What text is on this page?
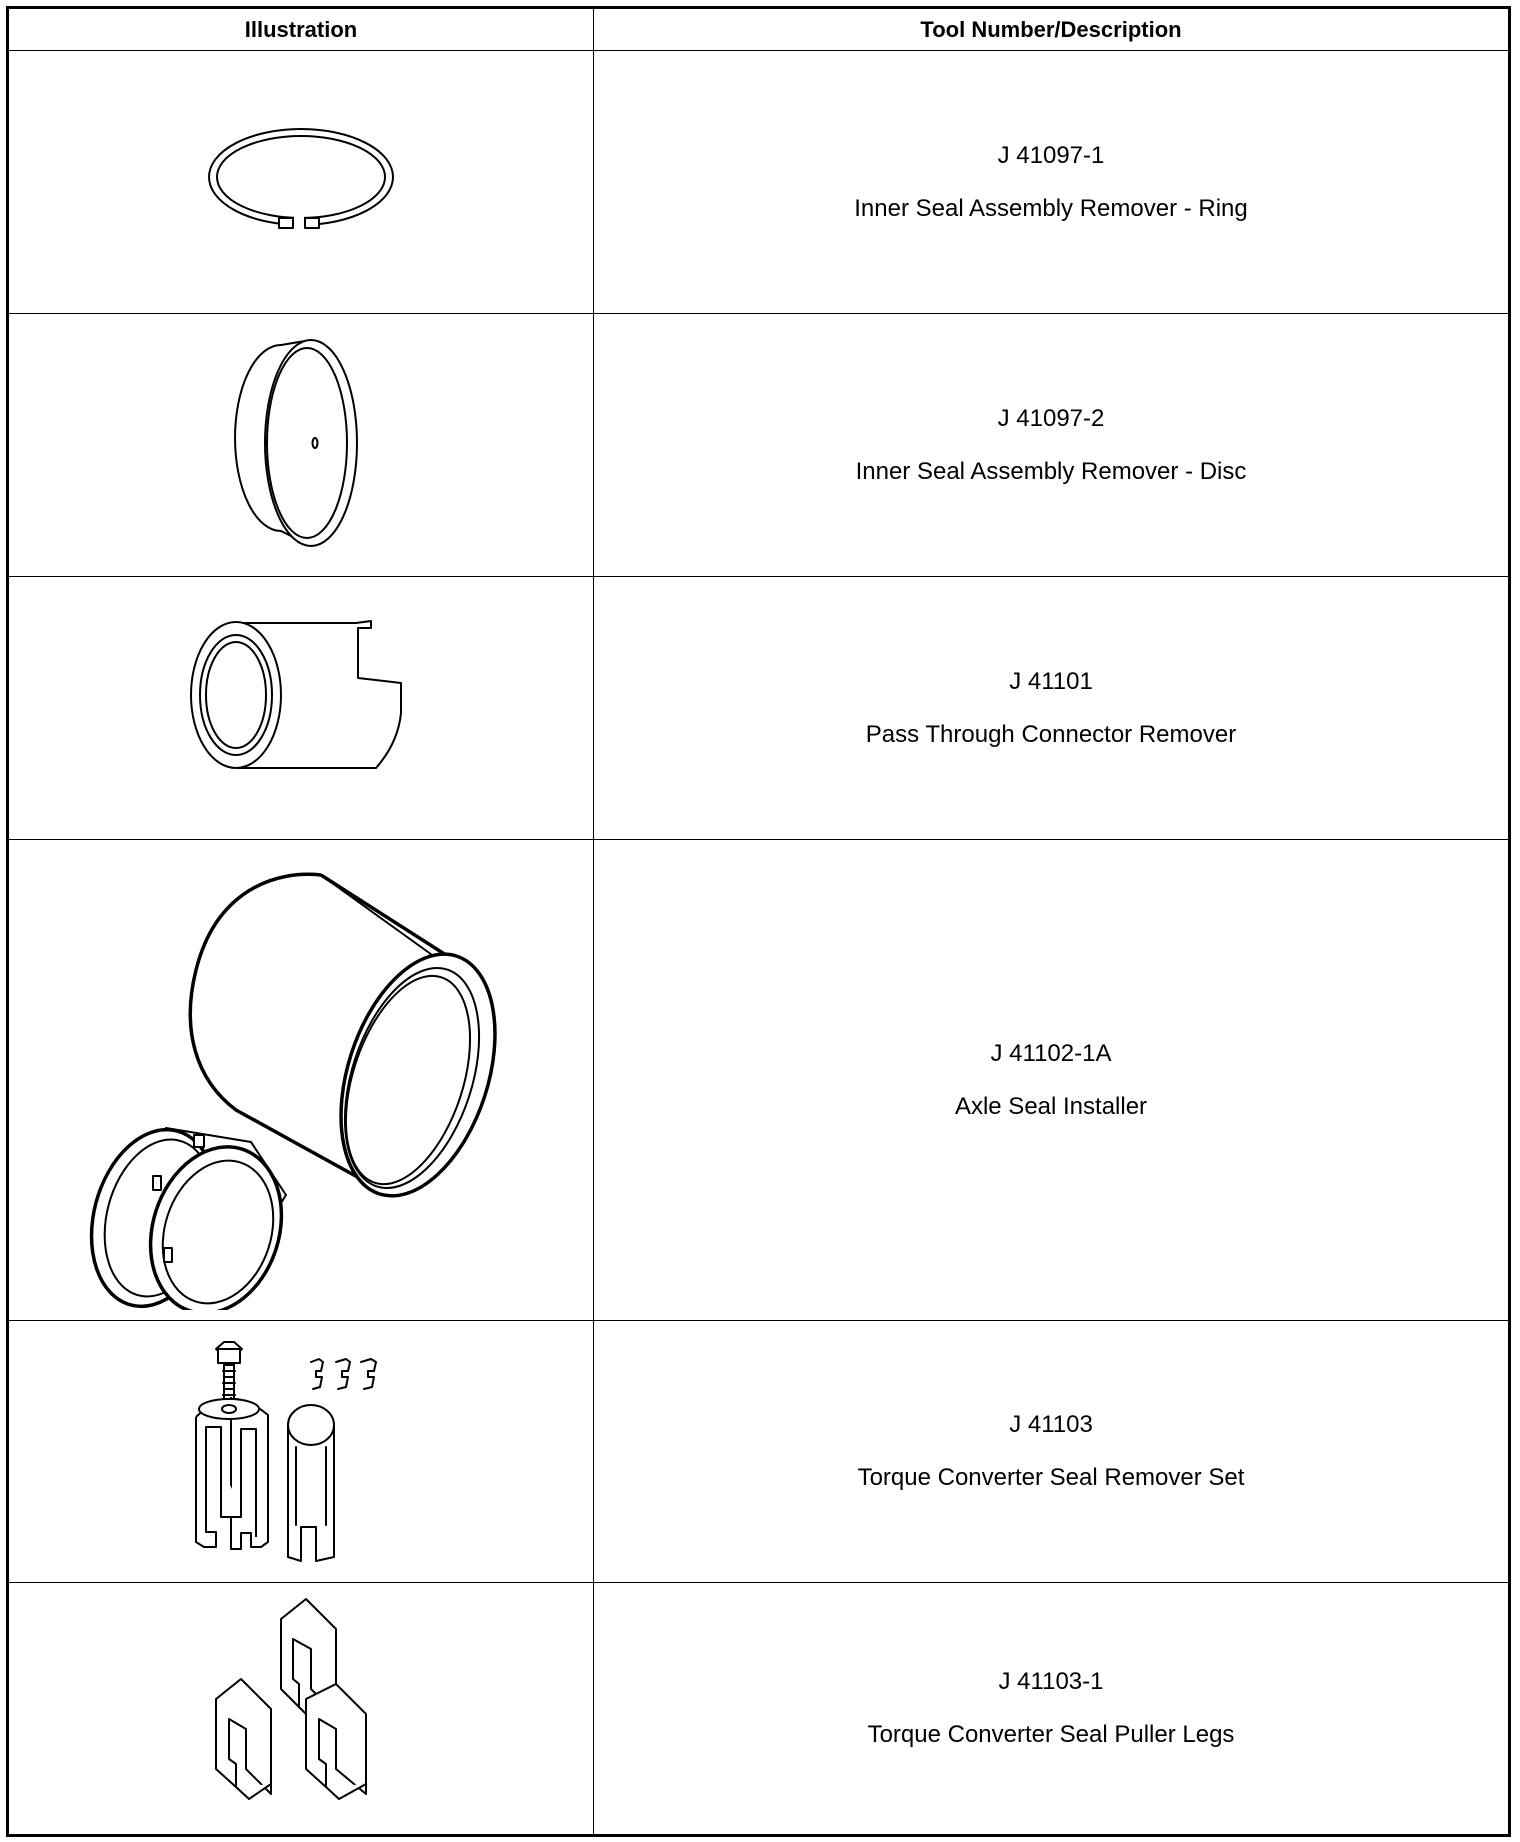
Illustration	Tool Number/Description
J 41097-1
Inner Seal Assembly Remover - Ring
J 41097-2
Inner Seal Assembly Remover - Disc
J 41101
Pass Through Connector Remover
J 41102-1A
Axle Seal Installer
J 41103
Torque Converter Seal Remover Set
J 41103-1
Torque Converter Seal Puller Legs
